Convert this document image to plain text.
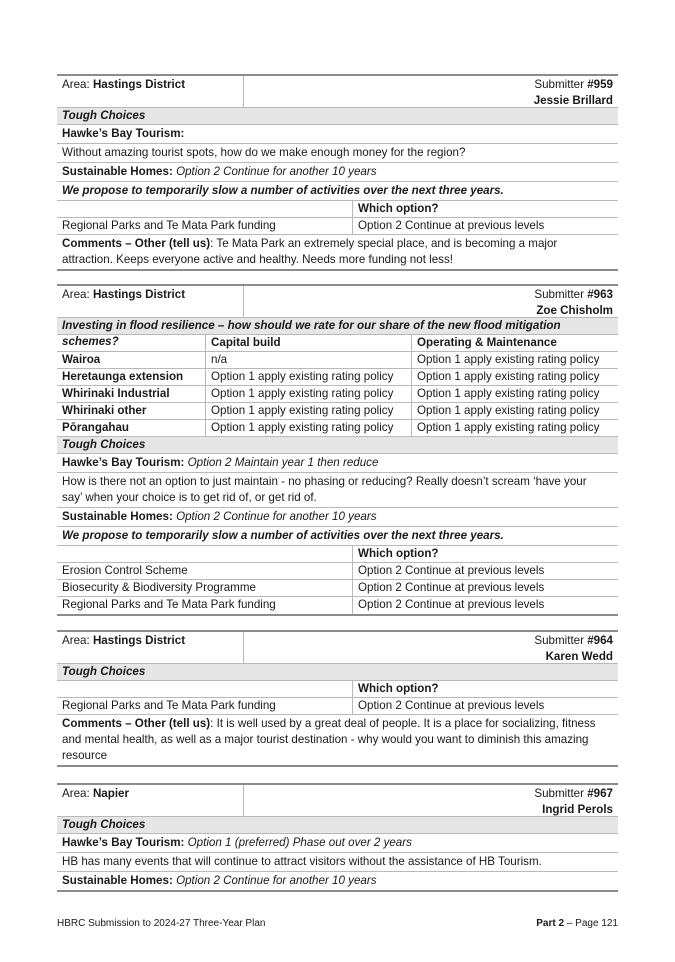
Area: Hastings District	Submitter #959
Jessie Brillard
Tough Choices
Hawke’s Bay Tourism:
Without amazing tourist spots, how do we make enough money for the region?
Sustainable Homes: Option 2 Continue for another 10 years
We propose to temporarily slow a number of activities over the next three years.
Which option?
Regional Parks and Te Mata Park funding	Option 2 Continue at previous levels
Comments – Other (tell us): Te Mata Park an extremely special place, and is becoming a major
attraction. Keeps everyone active and healthy. Needs more funding not less!
Area: Hastings District	Submitter #963
Zoe Chisholm
Investing in flood resilience – how should we rate for our share of the new flood mitigation schemes?	Capital build	Operating & Maintenance
Wairoa	n/a	Option 1 apply existing rating policy
Heretaunga extension	Option 1 apply existing rating policy	Option 1 apply existing rating policy
Whirinaki Industrial	Option 1 apply existing rating policy	Option 1 apply existing rating policy
Whirinaki other	Option 1 apply existing rating policy	Option 1 apply existing rating policy
Pōrangahau	Option 1 apply existing rating policy	Option 1 apply existing rating policy
Tough Choices
Hawke’s Bay Tourism: Option 2 Maintain year 1 then reduce
How is there not an option to just maintain - no phasing or reducing? Really doesn’t scream ‘have your
say’ when your choice is to get rid of, or get rid of.
Sustainable Homes: Option 2 Continue for another 10 years
We propose to temporarily slow a number of activities over the next three years.
Which option?
Erosion Control Scheme	Option 2 Continue at previous levels
Biosecurity & Biodiversity Programme	Option 2 Continue at previous levels
Regional Parks and Te Mata Park funding	Option 2 Continue at previous levels
Area: Hastings District	Submitter #964
Karen Wedd
Tough Choices
Which option?
Regional Parks and Te Mata Park funding	Option 2 Continue at previous levels
Comments – Other (tell us): It is well used by a great deal of people. It is a place for socializing, fitness
and mental health, as well as a major tourist destination - why would you want to diminish this amazing
resource
Area: Napier	Submitter #967
Ingrid Perols
Tough Choices
Hawke’s Bay Tourism: Option 1 (preferred) Phase out over 2 years
HB has many events that will continue to attract visitors without the assistance of HB Tourism.
Sustainable Homes: Option 2 Continue for another 10 years
HBRC Submission to 2024-27 Three-Year Plan	Part 2 – Page 121
